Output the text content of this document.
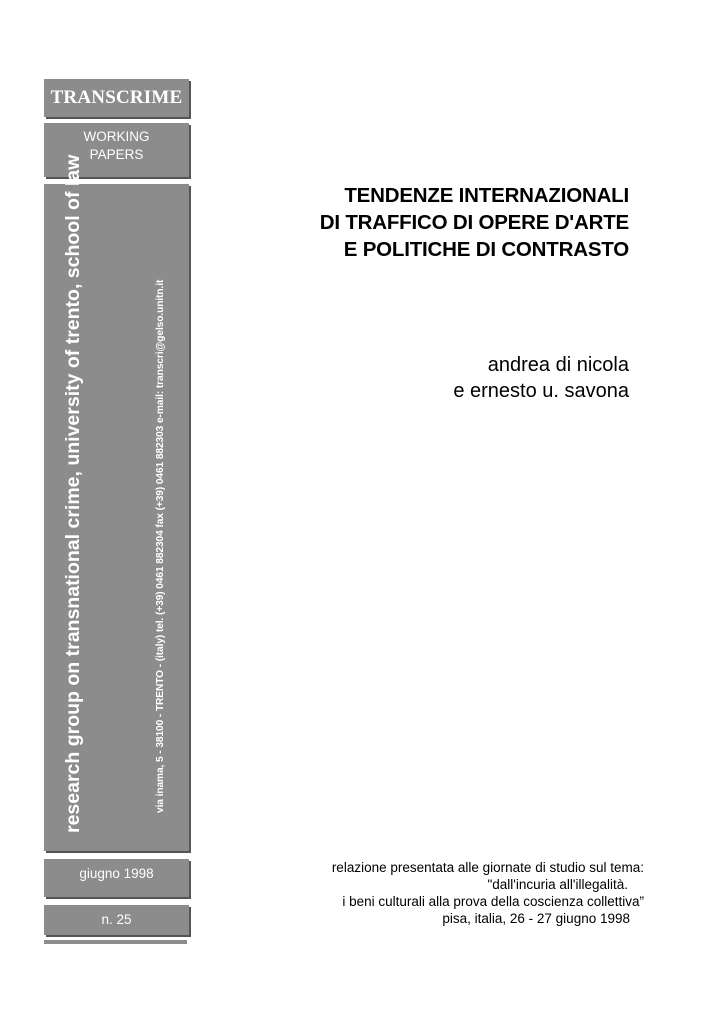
TRANSCRIME
WORKING
PAPERS
via inama, 5 - 38100 - TRENTO - (italy) tel. (+39) 0461 882304 fax (+39) 0461 882303 e-mail: transcri@gelso.unitn.it
giugno 1998
n. 25
TENDENZE INTERNAZIONALI
DI TRAFFICO DI OPERE D'ARTE
E POLITICHE DI CONTRASTO
andrea di nicola
e ernesto u. savona
relazione presentata alle giornate di studio sul tema:
"dall'incuria all'illegalità.
i beni culturali alla prova della coscienza collettiva”
pisa, italia, 26 - 27 giugno 1998
